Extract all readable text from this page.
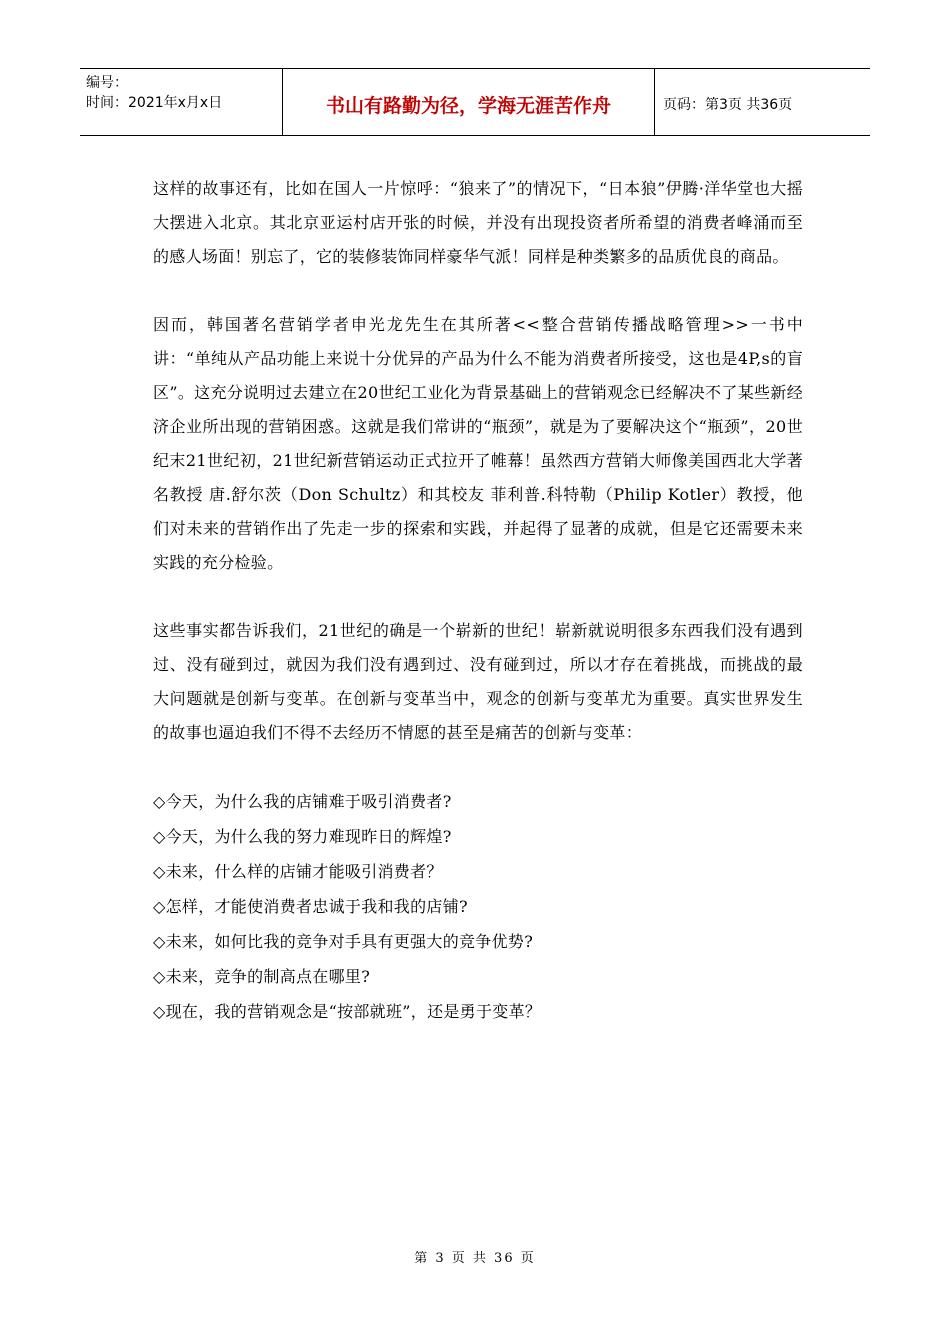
编号：
时间：2021年x月x日	书山有路勤为径，学海无涯苦作舟	页码：第3页 共36页

这样的故事还有，比如在国人一片惊呼：“狼来了”的情况下，“日本狼”伊腾·洋华堂也大摇大摆进入北京。其北京亚运村店开张的时候，并没有出现投资者所希望的消费者峰涌而至的感人场面！别忘了，它的装修装饰同样豪华气派！同样是种类繁多的品质优良的商品。

因而，韩国著名营销学者申光龙先生在其所著<<整合营销传播战略管理>>一书中讲：“单纯从产品功能上来说十分优异的产品为什么不能为消费者所接受，这也是4P,s的盲区”。这充分说明过去建立在20世纪工业化为背景基础上的营销观念已经解决不了某些新经济企业所出现的营销困惑。这就是我们常讲的“瓶颈”，就是为了要解决这个“瓶颈”，20世纪末21世纪初，21世纪新营销运动正式拉开了帷幕！虽然西方营销大师像美国西北大学著名教授 唐.舒尔茨（Don Schultz）和其校友 菲利普.科特勒（Philip Kotler）教授，他们对未来的营销作出了先走一步的探索和实践，并起得了显著的成就，但是它还需要未来实践的充分检验。

这些事实都告诉我们，21世纪的确是一个崭新的世纪！崭新就说明很多东西我们没有遇到过、没有碰到过，就因为我们没有遇到过、没有碰到过，所以才存在着挑战，而挑战的最大问题就是创新与变革。在创新与变革当中，观念的创新与变革尤为重要。真实世界发生的故事也逼迫我们不得不去经历不情愿的甚至是痛苦的创新与变革：

◇今天，为什么我的店铺难于吸引消费者?
◇今天，为什么我的努力难现昨日的辉煌?
◇未来，什么样的店铺才能吸引消费者？
◇怎样，才能使消费者忠诚于我和我的店铺?
◇未来，如何比我的竞争对手具有更强大的竞争优势?
◇未来，竞争的制高点在哪里?
◇现在，我的营销观念是“按部就班”，还是勇于变革？
第 3 页 共 36 页
